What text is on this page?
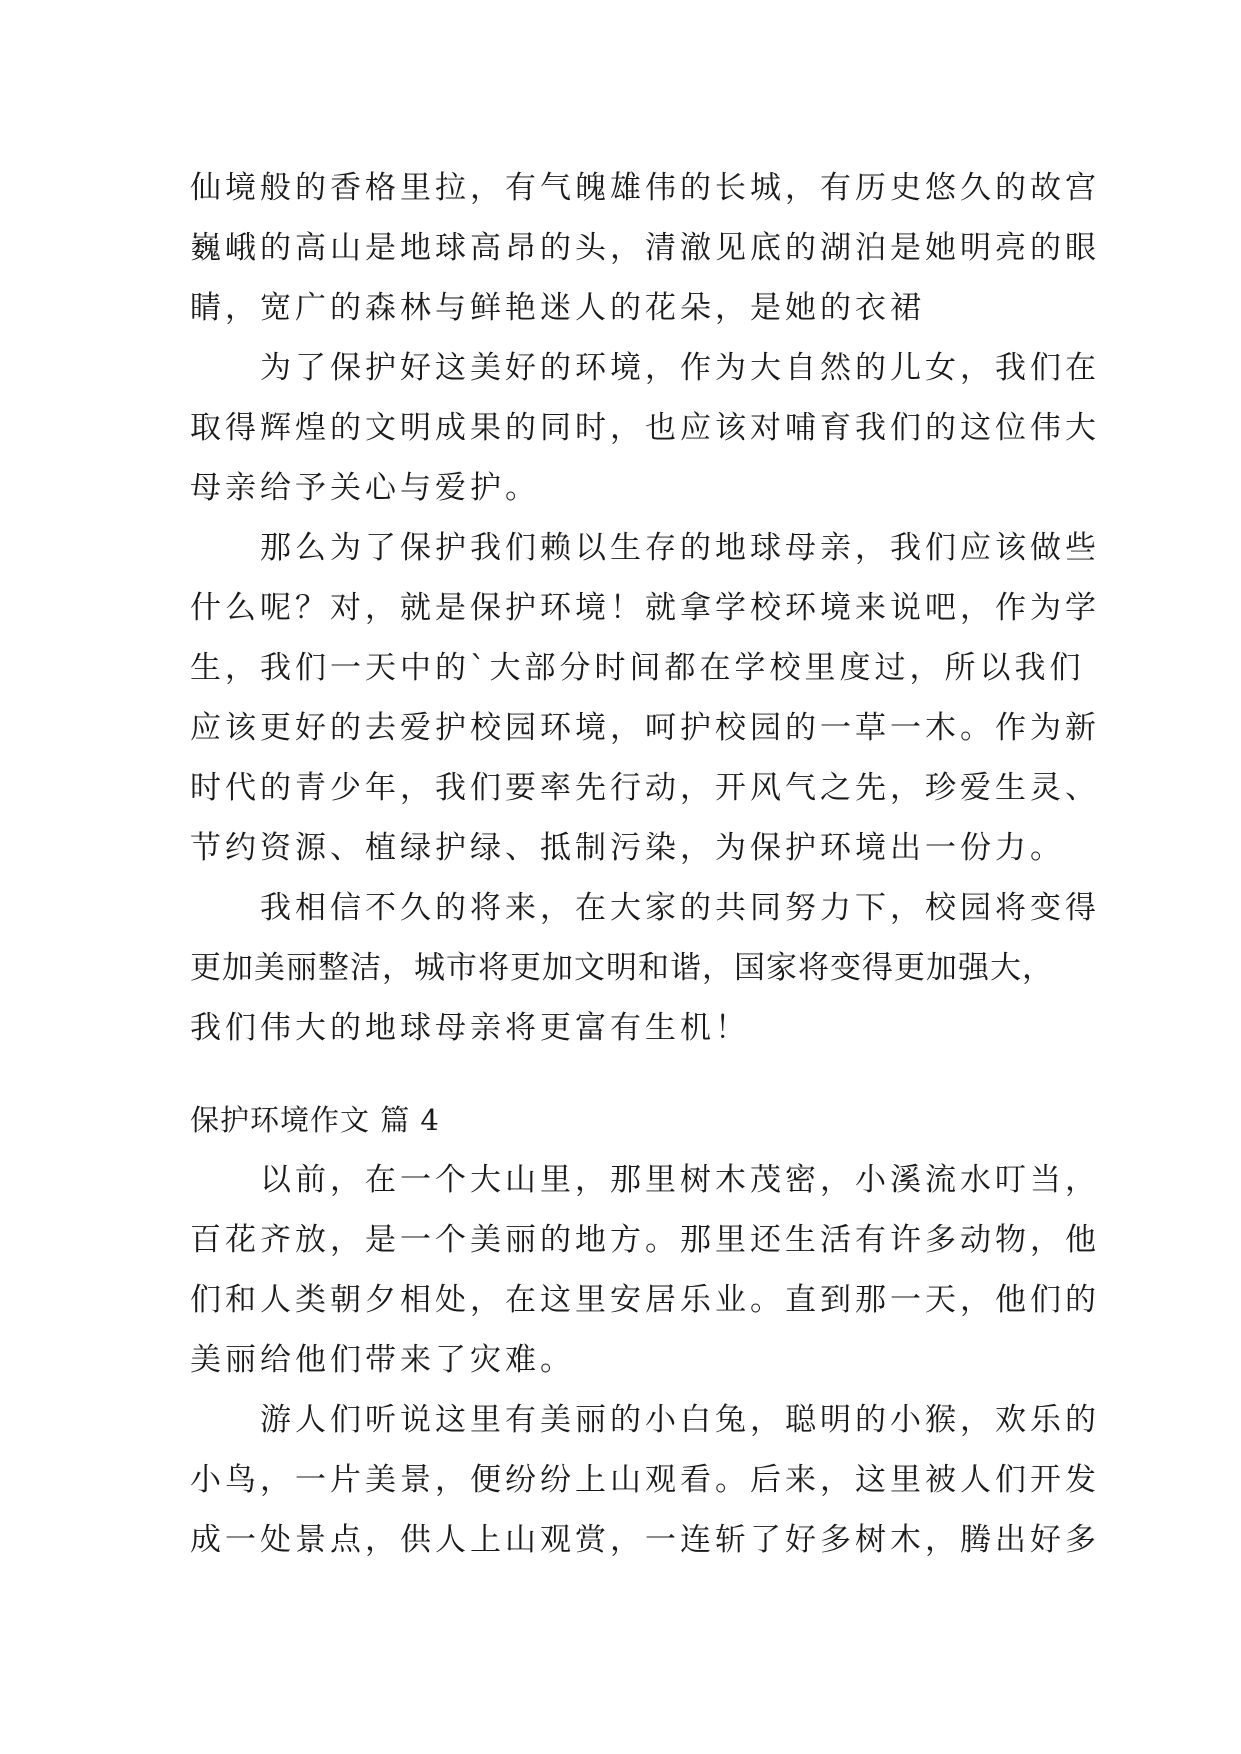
仙境般的香格里拉，有气魄雄伟的长城，有历史悠久的故宫
巍峨的高山是地球高昂的头，清澈见底的湖泊是她明亮的眼
睛，宽广的森林与鲜艳迷人的花朵，是她的衣裙
为了保护好这美好的环境，作为大自然的儿女，我们在
取得辉煌的文明成果的同时，也应该对哺育我们的这位伟大
母亲给予关心与爱护。
那么为了保护我们赖以生存的地球母亲，我们应该做些
什么呢？对，就是保护环境！就拿学校环境来说吧，作为学
生，我们一天中的`大部分时间都在学校里度过，所以我们
应该更好的去爱护校园环境，呵护校园的一草一木。作为新
时代的青少年，我们要率先行动，开风气之先，珍爱生灵、
节约资源、植绿护绿、抵制污染，为保护环境出一份力。
我相信不久的将来，在大家的共同努力下，校园将变得
更加美丽整洁，城市将更加文明和谐，国家将变得更加强大，
我们伟大的地球母亲将更富有生机！
保护环境作文 篇 4
以前，在一个大山里，那里树木茂密，小溪流水叮当，
百花齐放，是一个美丽的地方。那里还生活有许多动物，他
们和人类朝夕相处，在这里安居乐业。直到那一天，他们的
美丽给他们带来了灾难。
游人们听说这里有美丽的小白兔，聪明的小猴，欢乐的
小鸟，一片美景，便纷纷上山观看。后来，这里被人们开发
成一处景点，供人上山观赏，一连斩了好多树木，腾出好多
